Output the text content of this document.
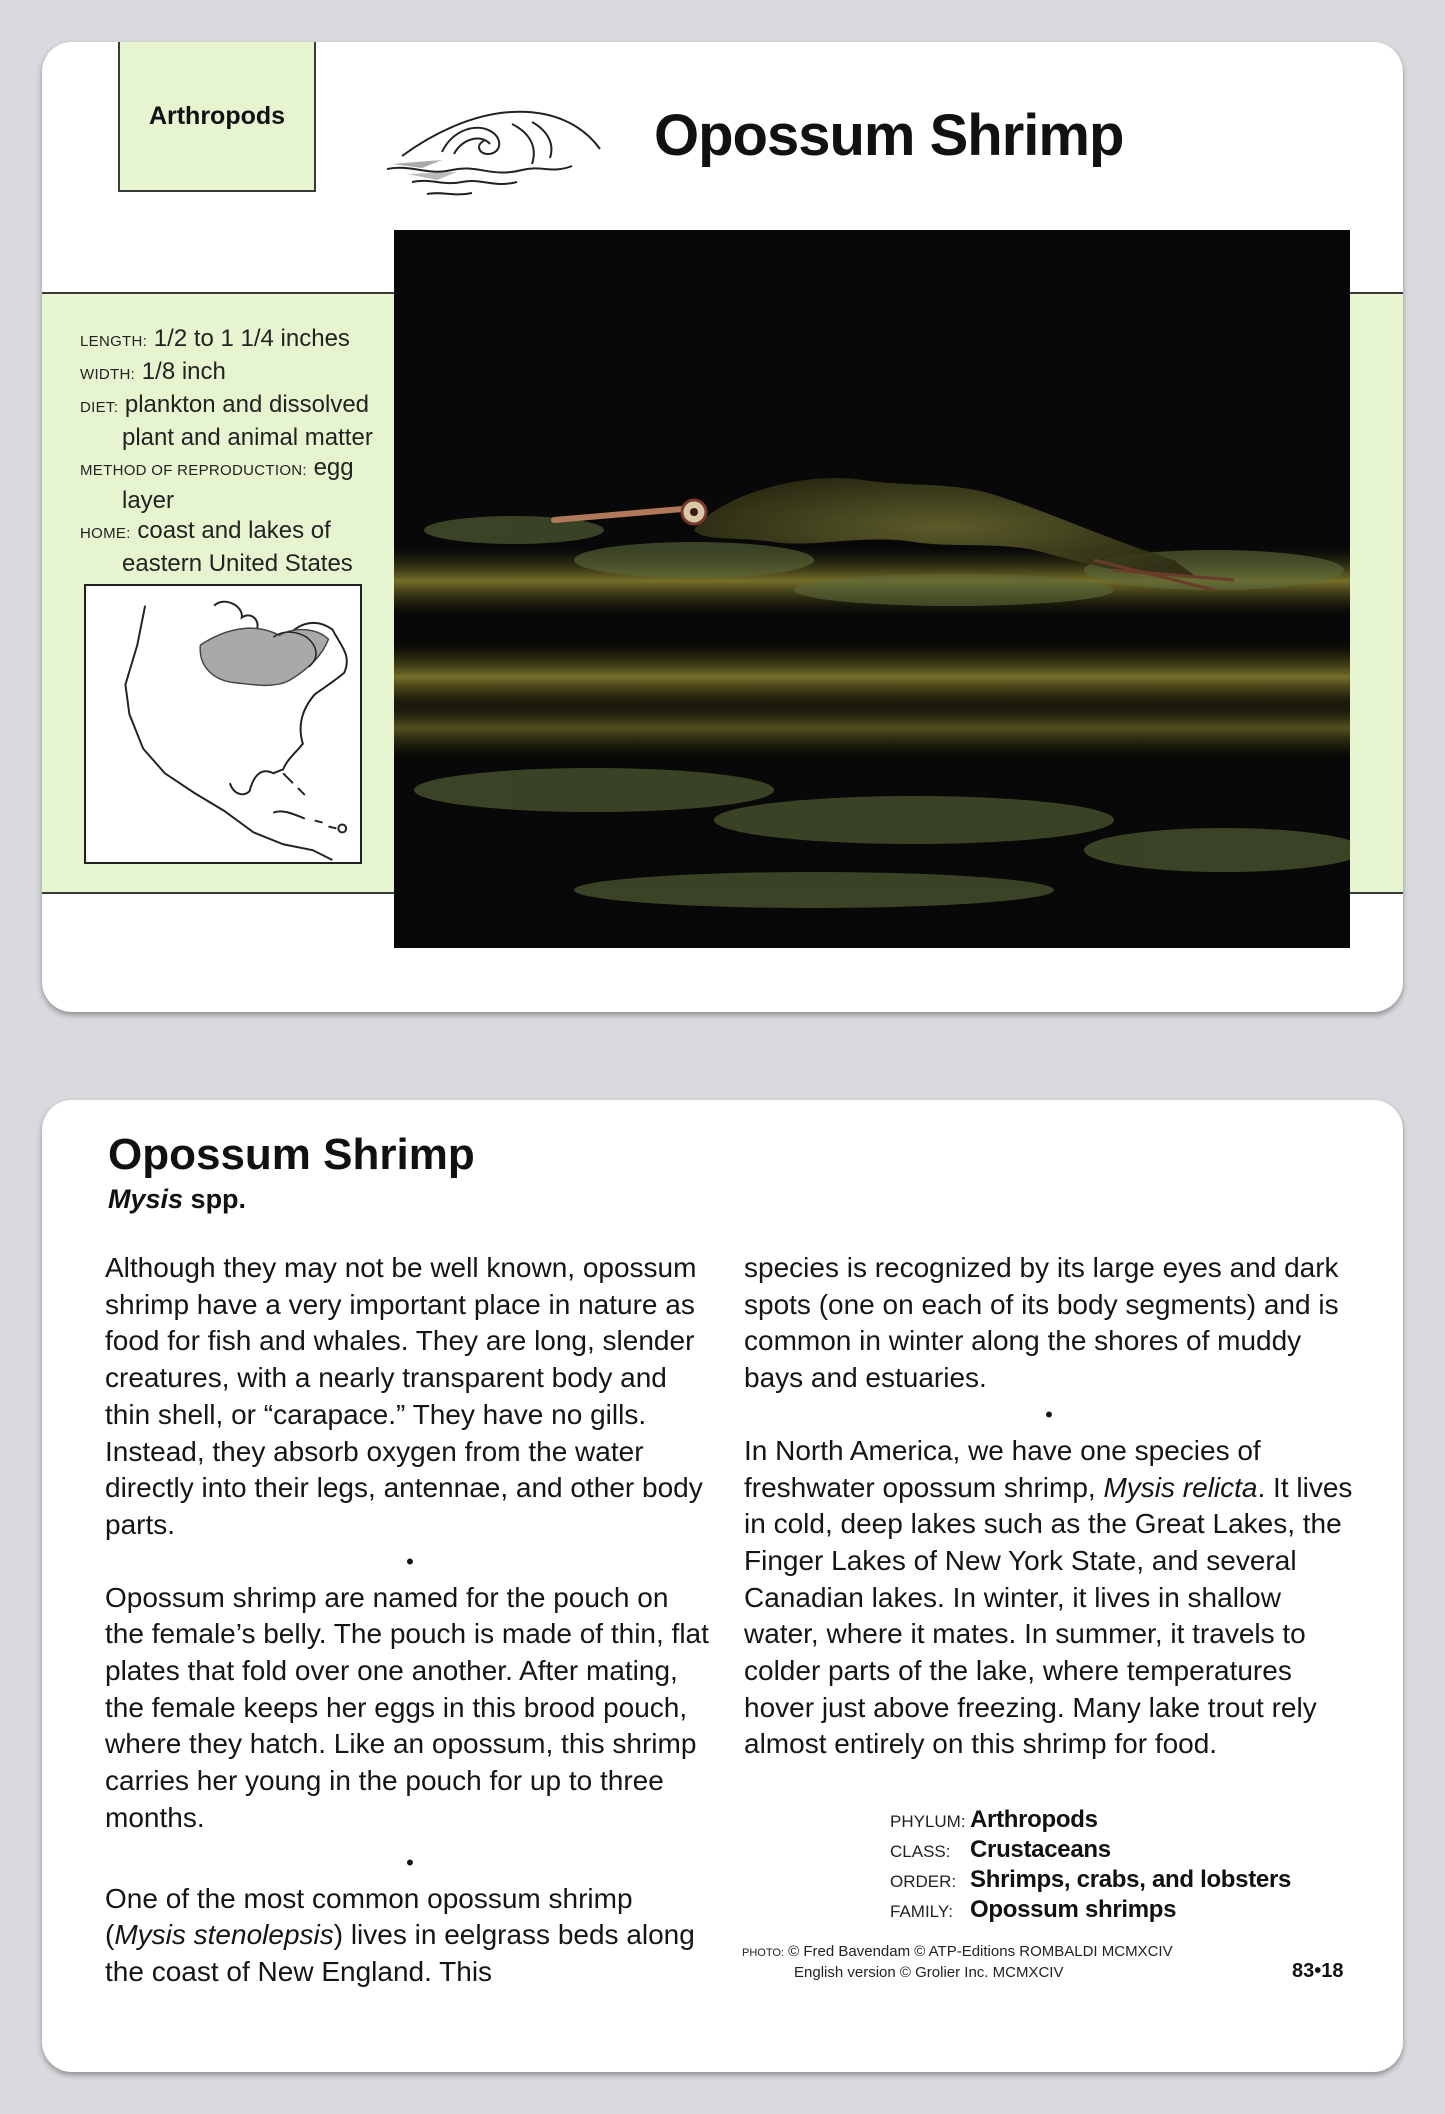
Arthropods	Opossum Shrimp
LENGTH: 1/2 to 1 1/4 inches
WIDTH: 1/8 inch
DIET: plankton and dissolved plant and animal matter
METHOD OF REPRODUCTION: egg layer
HOME: coast and lakes of eastern United States
Opossum Shrimp
Mysis spp.

Although they may not be well known, opossum shrimp have a very important place in nature as food for fish and whales. They are long, slender creatures, with a nearly transparent body and thin shell, or “carapace.” They have no gills. Instead, they absorb oxygen from the water directly into their legs, antennae, and other body parts.

•

Opossum shrimp are named for the pouch on the female’s belly. The pouch is made of thin, flat plates that fold over one another. After mating, the female keeps her eggs in this brood pouch, where they hatch. Like an opossum, this shrimp carries her young in the pouch for up to three months.

•

One of the most common opossum shrimp (Mysis stenolepsis) lives in eelgrass beds along the coast of New England. This

species is recognized by its large eyes and dark spots (one on each of its body segments) and is common in winter along the shores of muddy bays and estuaries.

•

In North America, we have one species of freshwater opossum shrimp, Mysis relicta. It lives in cold, deep lakes such as the Great Lakes, the Finger Lakes of New York State, and several Canadian lakes. In winter, it lives in shallow water, where it mates. In summer, it travels to colder parts of the lake, where temperatures hover just above freezing. Many lake trout rely almost entirely on this shrimp for food.

PHYLUM: Arthropods
CLASS: Crustaceans
ORDER: Shrimps, crabs, and lobsters
FAMILY: Opossum shrimps
PHOTO: © Fred Bavendam © ATP-Editions ROMBALDI MCMXCIV
English version © Grolier Inc. MCMXCIV	83•18
